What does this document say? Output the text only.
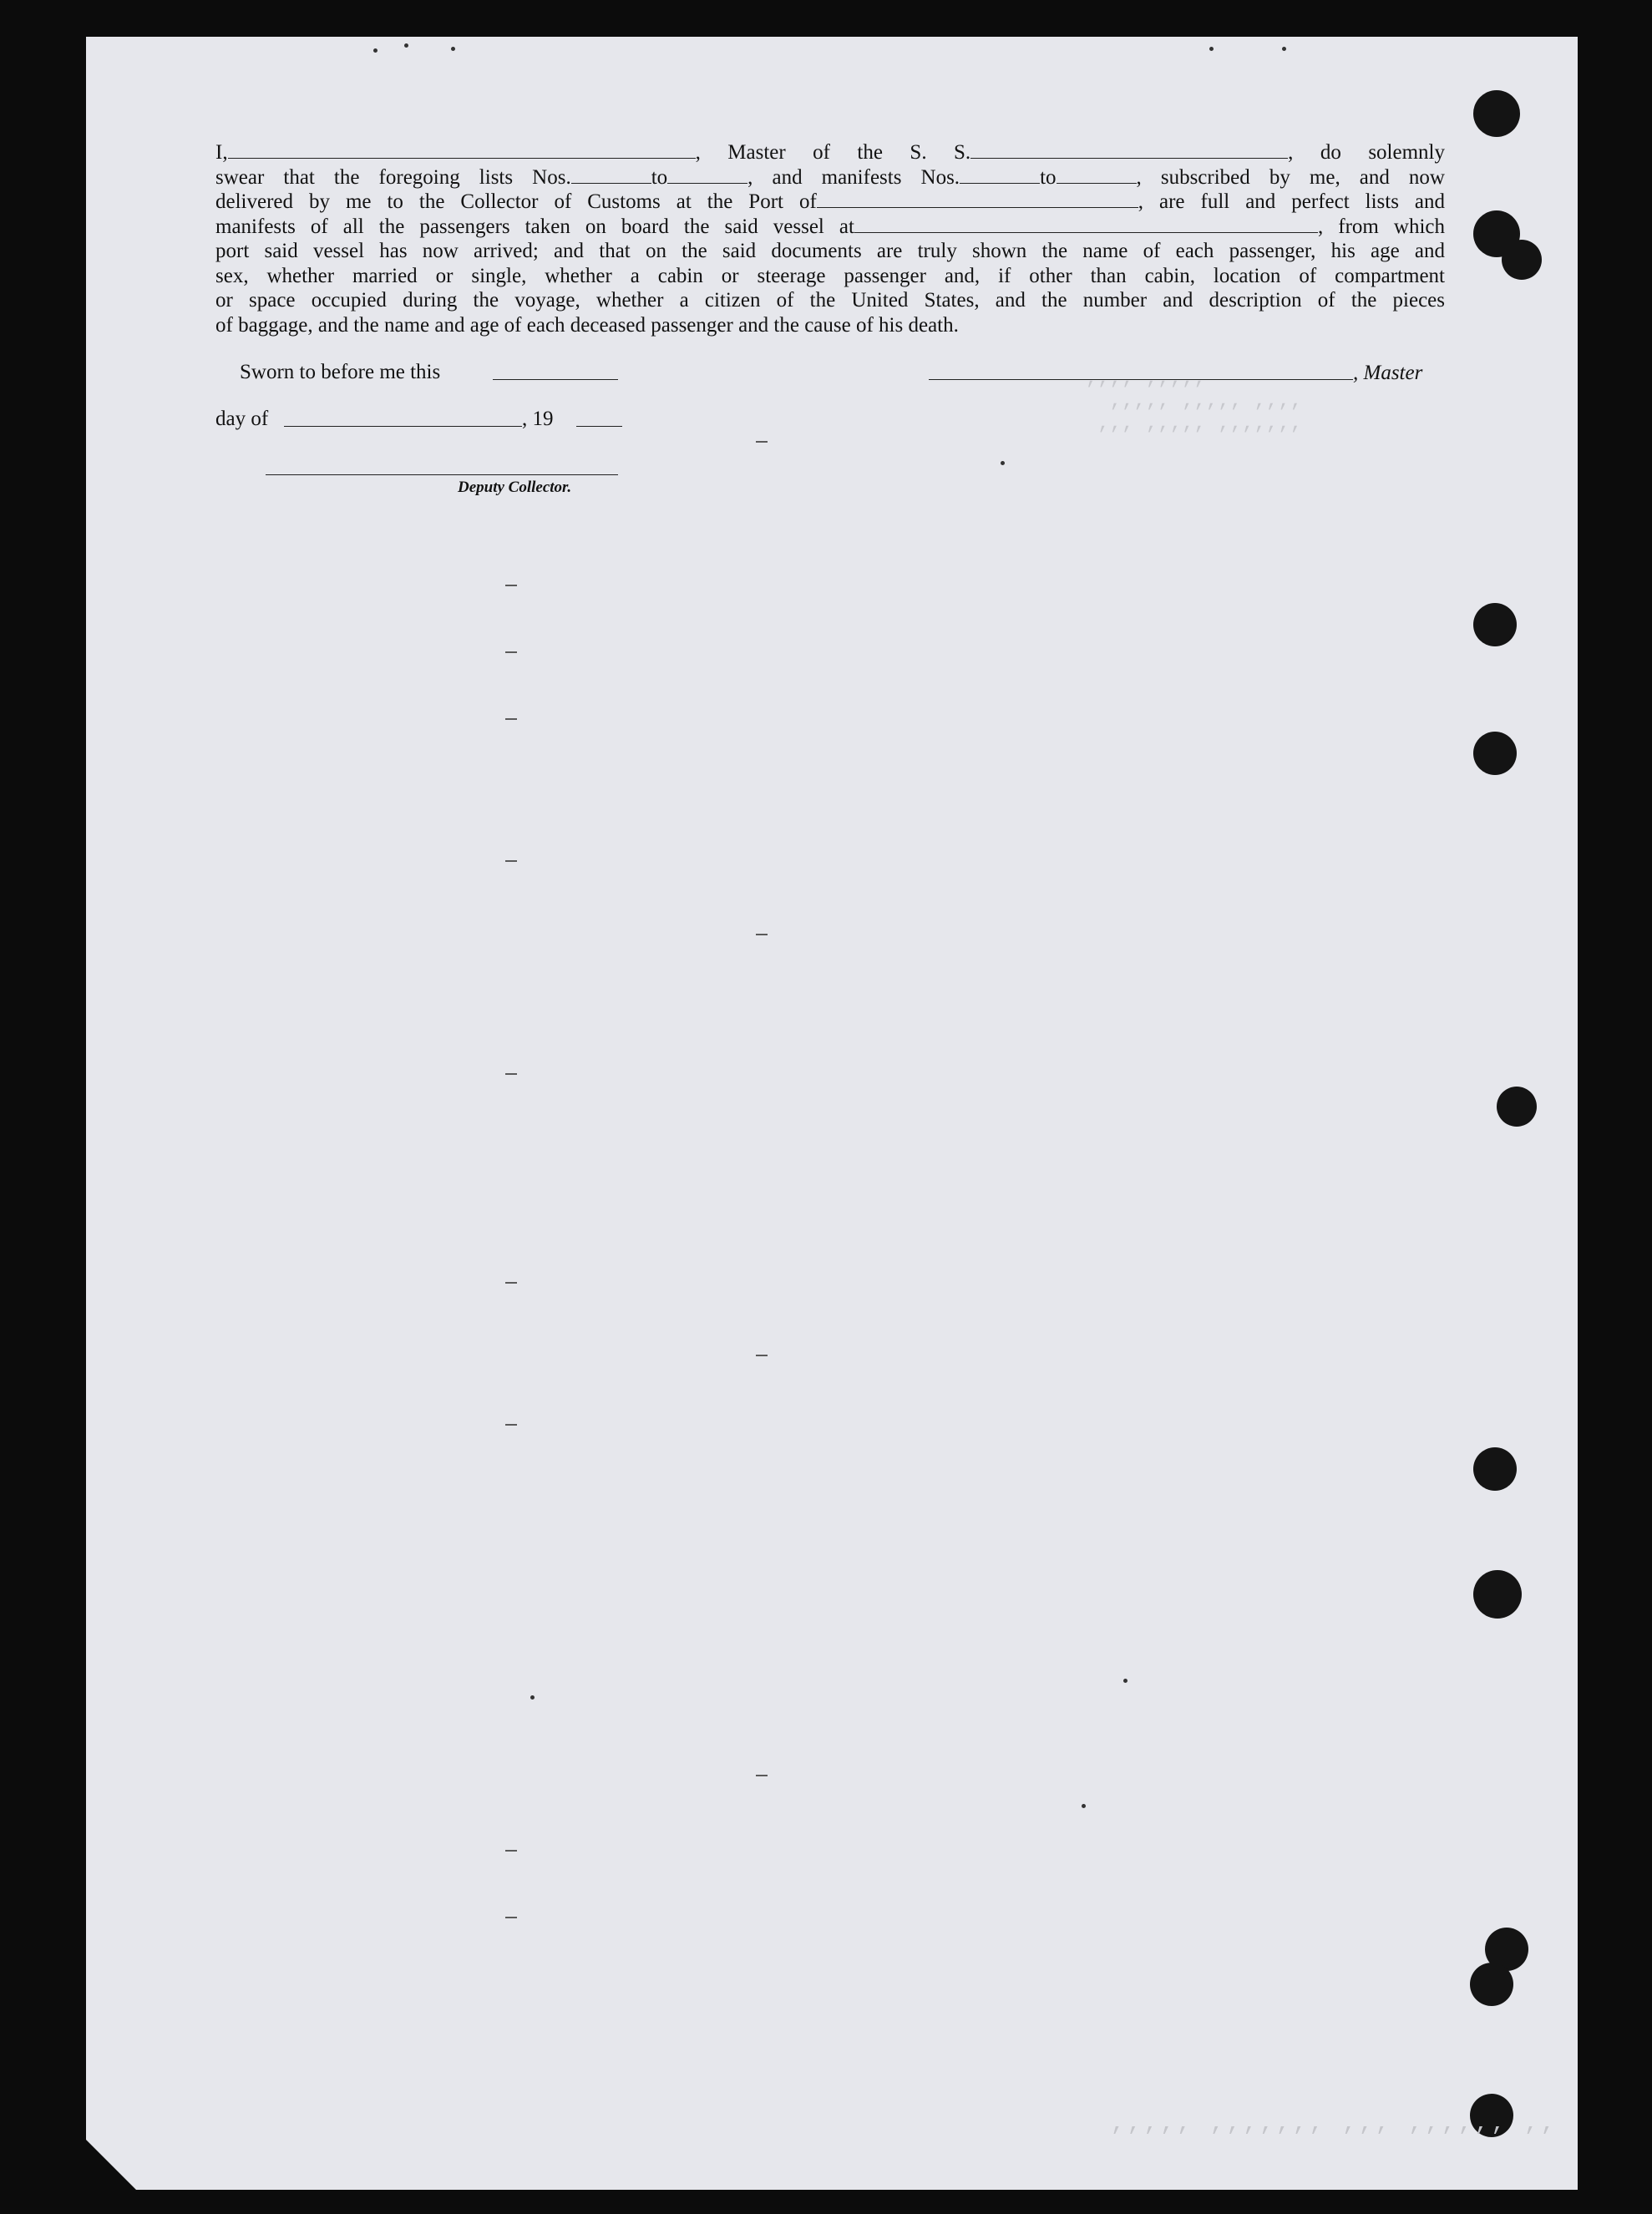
,,,, ,,,,,
,,,,, ,,,,, ,,,,
,,, ,,,,, ,,,,,,,
I,	, Master of the S. S.	, do solemnly
swear that the foregoing lists Nos.	to	, and manifests Nos.	to	, subscribed by me, and now
delivered by me to the Collector of Customs at the Port of	, are full and perfect lists and
manifests of all the passengers taken on board the said vessel at	, from which
port said vessel has now arrived; and that on the said documents are truly shown the name of each passenger, his age and
sex, whether married or single, whether a cabin or steerage passenger and, if other than cabin, location of compartment
or space occupied during the voyage, whether a citizen of the United States, and the number and description of the pieces
of baggage, and the name and age of each deceased passenger and the cause of his death.
Sworn to before me this
day of	, 19
Deputy Collector.
, Master
,,,,, ,,,,,,, ,,, ,,,,,, ,,
